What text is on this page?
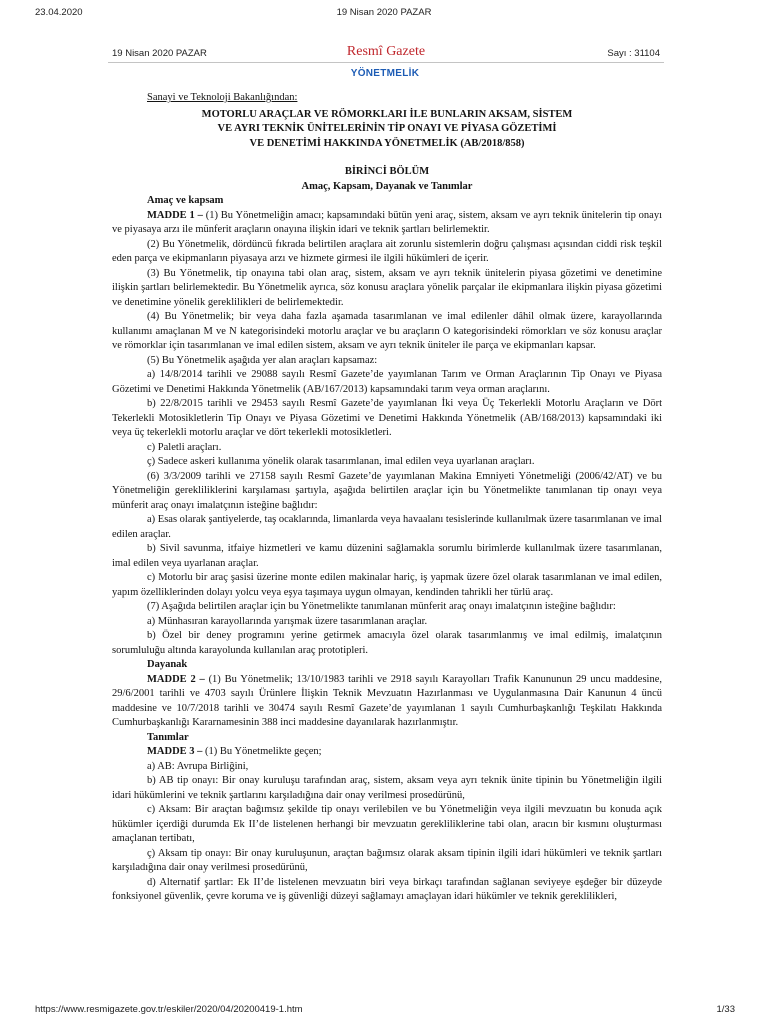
23.04.2020	19 Nisan 2020 PAZAR
19 Nisan 2020 PAZAR	Resmî Gazete	Sayı : 31104
YÖNETMELİK

Sanayi ve Teknoloji Bakanlığından:

MOTORLU ARAÇLAR VE RÖMORKLARI İLE BUNLARIN AKSAM, SİSTEM
VE AYRI TEKNİK ÜNİTELERİNİN TİP ONAYI VE PİYASA GÖZETİMİ
VE DENETİMİ HAKKINDA YÖNETMELİK (AB/2018/858)
BİRİNCİ BÖLÜM
Amaç, Kapsam, Dayanak ve Tanımlar

Amaç ve kapsam

MADDE 1 – (1) Bu Yönetmeliğin amacı; kapsamındaki bütün yeni araç, sistem, aksam ve ayrı teknik ünitelerin tip onayı ve piyasaya arzı ile münferit araçların onayına ilişkin idari ve teknik şartları belirlemektir.

(2) Bu Yönetmelik, dördüncü fıkrada belirtilen araçlara ait zorunlu sistemlerin doğru çalışması açısından ciddi risk teşkil eden parça ve ekipmanların piyasaya arzı ve hizmete girmesi ile ilgili hükümleri de içerir.

(3) Bu Yönetmelik, tip onayına tabi olan araç, sistem, aksam ve ayrı teknik ünitelerin piyasa gözetimi ve denetimine ilişkin şartları belirlemektedir. Bu Yönetmelik ayrıca, söz konusu araçlara yönelik parçalar ile ekipmanlara ilişkin piyasa gözetimi ve denetimine yönelik gereklilikleri de belirlemektedir.

(4) Bu Yönetmelik; bir veya daha fazla aşamada tasarımlanan ve imal edilenler dâhil olmak üzere, karayollarında kullanımı amaçlanan M ve N kategorisindeki motorlu araçlar ve bu araçların O kategorisindeki römorkları ve söz konusu araçlar ve römorklar için tasarımlanan ve imal edilen sistem, aksam ve ayrı teknik üniteler ile parça ve ekipmanları kapsar.

(5) Bu Yönetmelik aşağıda yer alan araçları kapsamaz:

a) 14/8/2014 tarihli ve 29088 sayılı Resmî Gazete’de yayımlanan Tarım ve Orman Araçlarının Tip Onayı ve Piyasa Gözetimi ve Denetimi Hakkında Yönetmelik (AB/167/2013) kapsamındaki tarım veya orman araçlarını.

b) 22/8/2015 tarihli ve 29453 sayılı Resmî Gazete’de yayımlanan İki veya Üç Tekerlekli Motorlu Araçların ve Dört Tekerlekli Motosikletlerin Tip Onayı ve Piyasa Gözetimi ve Denetimi Hakkında Yönetmelik (AB/168/2013) kapsamındaki iki veya üç tekerlekli motorlu araçlar ve dört tekerlekli motosikletleri.

c) Paletli araçları.

ç) Sadece askeri kullanıma yönelik olarak tasarımlanan, imal edilen veya uyarlanan araçları.

(6) 3/3/2009 tarihli ve 27158 sayılı Resmî Gazete’de yayımlanan Makina Emniyeti Yönetmeliği (2006/42/AT) ve bu Yönetmeliğin gerekliliklerini karşılaması şartıyla, aşağıda belirtilen araçlar için bu Yönetmelikte tanımlanan tip onayı veya münferit araç onayı imalatçının isteğine bağlıdır:

a) Esas olarak şantiyelerde, taş ocaklarında, limanlarda veya havaalanı tesislerinde kullanılmak üzere tasarımlanan ve imal edilen araçlar.

b) Sivil savunma, itfaiye hizmetleri ve kamu düzenini sağlamakla sorumlu birimlerde kullanılmak üzere tasarımlanan, imal edilen veya uyarlanan araçlar.

c) Motorlu bir araç şasisi üzerine monte edilen makinalar hariç, iş yapmak üzere özel olarak tasarımlanan ve imal edilen, yapım özelliklerinden dolayı yolcu veya eşya taşımaya uygun olmayan, kendinden tahrikli her türlü araç.

(7) Aşağıda belirtilen araçlar için bu Yönetmelikte tanımlanan münferit araç onayı imalatçının isteğine bağlıdır:

a) Münhasıran karayollarında yarışmak üzere tasarımlanan araçlar.

b) Özel bir deney programını yerine getirmek amacıyla özel olarak tasarımlanmış ve imal edilmiş, imalatçının sorumluluğu altında karayolunda kullanılan araç prototipleri.

Dayanak

MADDE 2 – (1) Bu Yönetmelik; 13/10/1983 tarihli ve 2918 sayılı Karayolları Trafik Kanununun 29 uncu maddesine, 29/6/2001 tarihli ve 4703 sayılı Ürünlere İlişkin Teknik Mevzuatın Hazırlanması ve Uygulanmasına Dair Kanunun 4 üncü maddesine ve 10/7/2018 tarihli ve 30474 sayılı Resmî Gazete’de yayımlanan 1 sayılı Cumhurbaşkanlığı Teşkilatı Hakkında Cumhurbaşkanlığı Kararnamesinin 388 inci maddesine dayanılarak hazırlanmıştır.

Tanımlar

MADDE 3 – (1) Bu Yönetmelikte geçen;

a) AB: Avrupa Birliğini,

b) AB tip onayı: Bir onay kuruluşu tarafından araç, sistem, aksam veya ayrı teknik ünite tipinin bu Yönetmeliğin ilgili idari hükümlerini ve teknik şartlarını karşıladığına dair onay verilmesi prosedürünü,

c) Aksam: Bir araçtan bağımsız şekilde tip onayı verilebilen ve bu Yönetmeliğin veya ilgili mevzuatın bu konuda açık hükümler içerdiği durumda Ek II’de listelenen herhangi bir mevzuatın gerekliliklerine tabi olan, aracın bir kısmını oluşturması amaçlanan tertibatı,

ç) Aksam tip onayı: Bir onay kuruluşunun, araçtan bağımsız olarak aksam tipinin ilgili idari hükümleri ve teknik şartları karşıladığına dair onay verilmesi prosedürünü,

d) Alternatif şartlar: Ek II’de listelenen mevzuatın biri veya birkaçı tarafından sağlanan seviyeye eşdeğer bir düzeyde fonksiyonel güvenlik, çevre koruma ve iş güvenliği düzeyi sağlamayı amaçlayan idari hükümler ve teknik gereklilikleri,

https://www.resmigazete.gov.tr/eskiler/2020/04/20200419-1.htm	1/33
